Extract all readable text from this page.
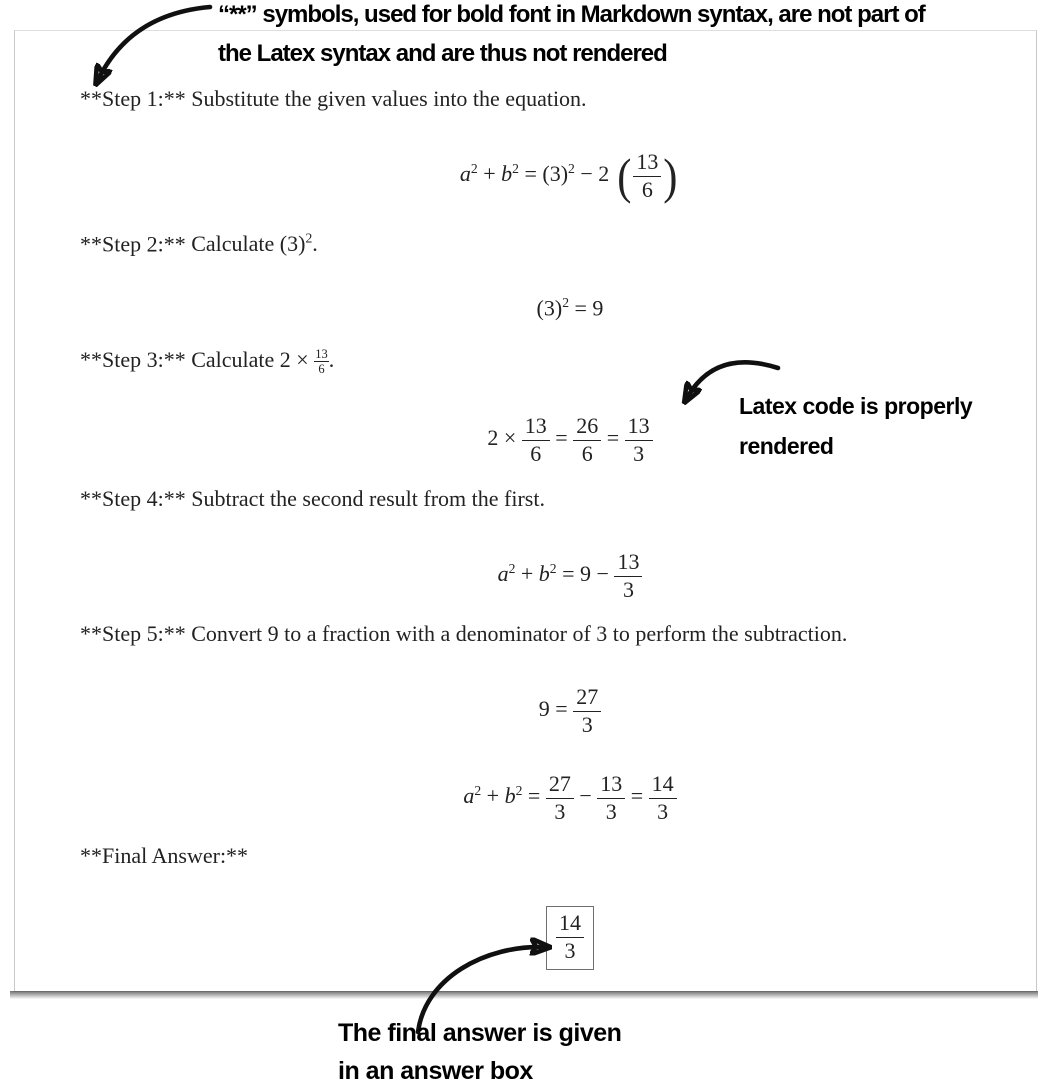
“**” symbols, used for bold font in Markdown syntax, are not part of
the Latex syntax and are thus not rendered

**Step 1:** Substitute the given values into the equation.

$a^2 + b^2 = (3)^2 - 2$ ( $\frac{13}{6}$ )

**Step 2:** Calculate $(3)^2$.

$(3)^2 = 9$

**Step 3:** Calculate $2 \times \frac{13}{6}$ .

$2 \times \frac{13}{6} = \frac{26}{6} = \frac{13}{3}$
Latex code is properly
rendered

**Step 4:** Subtract the second result from the first.

$a^2 + b^2 = 9 - \frac{13}{3}$

**Step 5:** Convert 9 to a fraction with a denominator of 3 to perform the subtraction.

$9 = \frac{27}{3}$
$a^2 + b^2 = \frac{27}{3} - \frac{13}{3} = \frac{14}{3}$

**Final Answer:**

$\frac{14}{3}$
The final answer is given
in an answer box
